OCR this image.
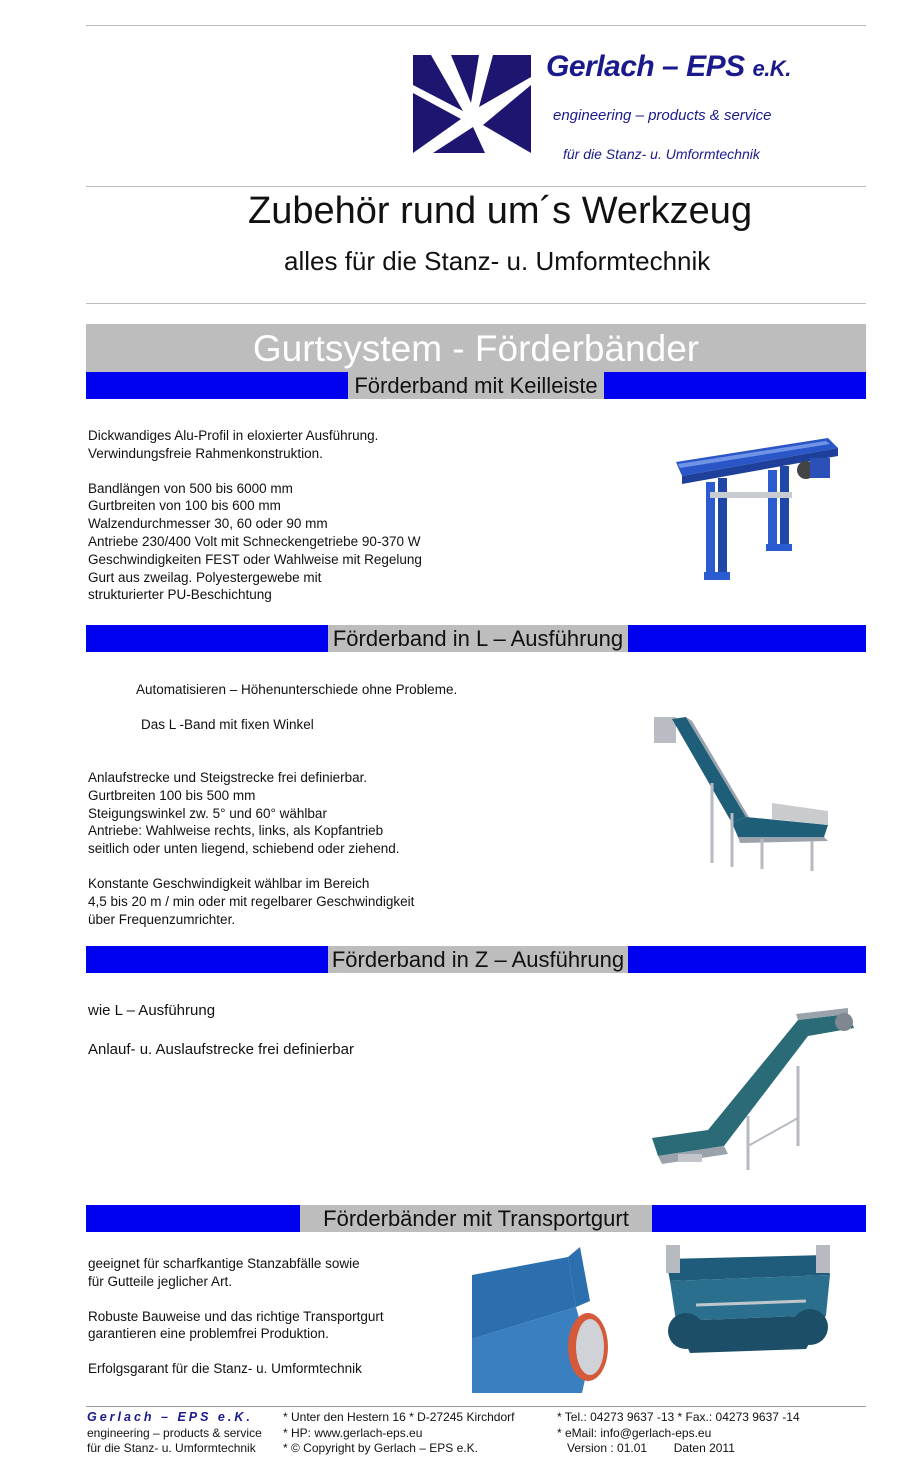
Gerlach – EPS e.K.
engineering – products & service
für die Stanz- u. Umformtechnik
Zubehör rund um´s Werkzeug
alles für die Stanz- u. Umformtechnik
Gurtsystem - Förderbänder
Förderband mit Keilleiste

Dickwandiges Alu-Profil in eloxierter Ausführung.

Verwindungsfreie Rahmenkonstruktion.

Bandlängen von 500 bis 6000 mm

Gurtbreiten von 100 bis 600 mm

Walzendurchmesser 30, 60 oder 90 mm

Antriebe 230/400 Volt mit Schneckengetriebe 90-370 W

Geschwindigkeiten FEST oder Wahlweise mit Regelung

Gurt aus zweilag. Polyestergewebe mit

strukturierter PU-Beschichtung

Förderband in L – Ausführung
Automatisieren – Höhenunterschiede ohne Probleme.
Das L -Band mit fixen Winkel

Anlaufstrecke und Steigstrecke frei definierbar.

Gurtbreiten 100 bis 500 mm

Steigungswinkel zw. 5° und 60° wählbar

Antriebe: Wahlweise rechts, links, als Kopfantrieb

seitlich oder unten liegend, schiebend oder ziehend.

Konstante Geschwindigkeit wählbar im Bereich

4,5 bis 20 m / min oder mit regelbarer Geschwindigkeit

über Frequenzumrichter.

Förderband in Z – Ausführung
wie L – Ausführung
Anlauf- u. Auslaufstrecke frei definierbar
Förderbänder mit Transportgurt

geeignet für scharfkantige Stanzabfälle sowie

für Gutteile jeglicher Art.

Robuste Bauweise und das richtige Transportgurt

garantieren eine problemfrei Produktion.

Erfolgsgarant für die Stanz- u. Umformtechnik

Gerlach – EPS e.K.
engineering – products & service
für die Stanz- u. Umformtechnik
* Unter den Hestern 16 * D-27245 Kirchdorf
* HP: www.gerlach-eps.eu
* © Copyright by Gerlach – EPS e.K.
* Tel.: 04273 9637 -13 * Fax.: 04273 9637 -14
* eMail: info@gerlach-eps.eu
Version : 01.01        Daten 2011
